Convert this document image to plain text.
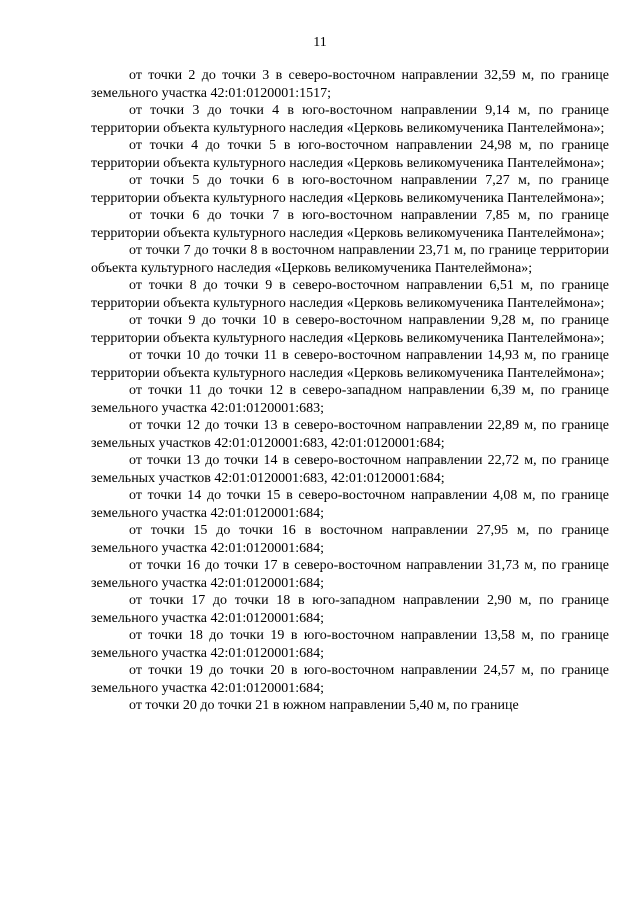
11

от точки 2 до точки 3 в северо-восточном направлении 32,59 м, по границе земельного участка 42:01:0120001:1517;

от точки 3 до точки 4 в юго-восточном направлении 9,14 м, по границе территории объекта культурного наследия «Церковь великомученика Пантелеймона»;

от точки 4 до точки 5 в юго-восточном направлении 24,98 м, по границе территории объекта культурного наследия «Церковь великомученика Пантелеймона»;

от точки 5 до точки 6 в юго-восточном направлении 7,27 м, по границе территории объекта культурного наследия «Церковь великомученика Пантелеймона»;

от точки 6 до точки 7 в юго-восточном направлении 7,85 м, по границе территории объекта культурного наследия «Церковь великомученика Пантелеймона»;

от точки 7 до точки 8 в восточном направлении 23,71 м, по границе территории объекта культурного наследия «Церковь великомученика Пантелеймона»;

от точки 8 до точки 9 в северо-восточном направлении 6,51 м, по границе территории объекта культурного наследия «Церковь великомученика Пантелеймона»;

от точки 9 до точки 10 в северо-восточном направлении 9,28 м, по границе территории объекта культурного наследия «Церковь великомученика Пантелеймона»;

от точки 10 до точки 11 в северо-восточном направлении 14,93 м, по границе территории объекта культурного наследия «Церковь великомученика Пантелеймона»;

от точки 11 до точки 12 в северо-западном направлении 6,39 м, по границе земельного участка 42:01:0120001:683;

от точки 12 до точки 13 в северо-восточном направлении 22,89 м, по границе земельных участков 42:01:0120001:683, 42:01:0120001:684;

от точки 13 до точки 14 в северо-восточном направлении 22,72 м, по границе земельных участков 42:01:0120001:683, 42:01:0120001:684;

от точки 14 до точки 15 в северо-восточном направлении 4,08 м, по границе земельного участка 42:01:0120001:684;

от точки 15 до точки 16 в восточном направлении 27,95 м, по границе земельного участка 42:01:0120001:684;

от точки 16 до точки 17 в северо-восточном направлении 31,73 м, по границе земельного участка 42:01:0120001:684;

от точки 17 до точки 18 в юго-западном направлении 2,90 м, по границе земельного участка 42:01:0120001:684;

от точки 18 до точки 19 в юго-восточном направлении 13,58 м, по границе земельного участка 42:01:0120001:684;

от точки 19 до точки 20 в юго-восточном направлении 24,57 м, по границе земельного участка 42:01:0120001:684;

от точки 20 до точки 21 в южном направлении 5,40 м, по границе
